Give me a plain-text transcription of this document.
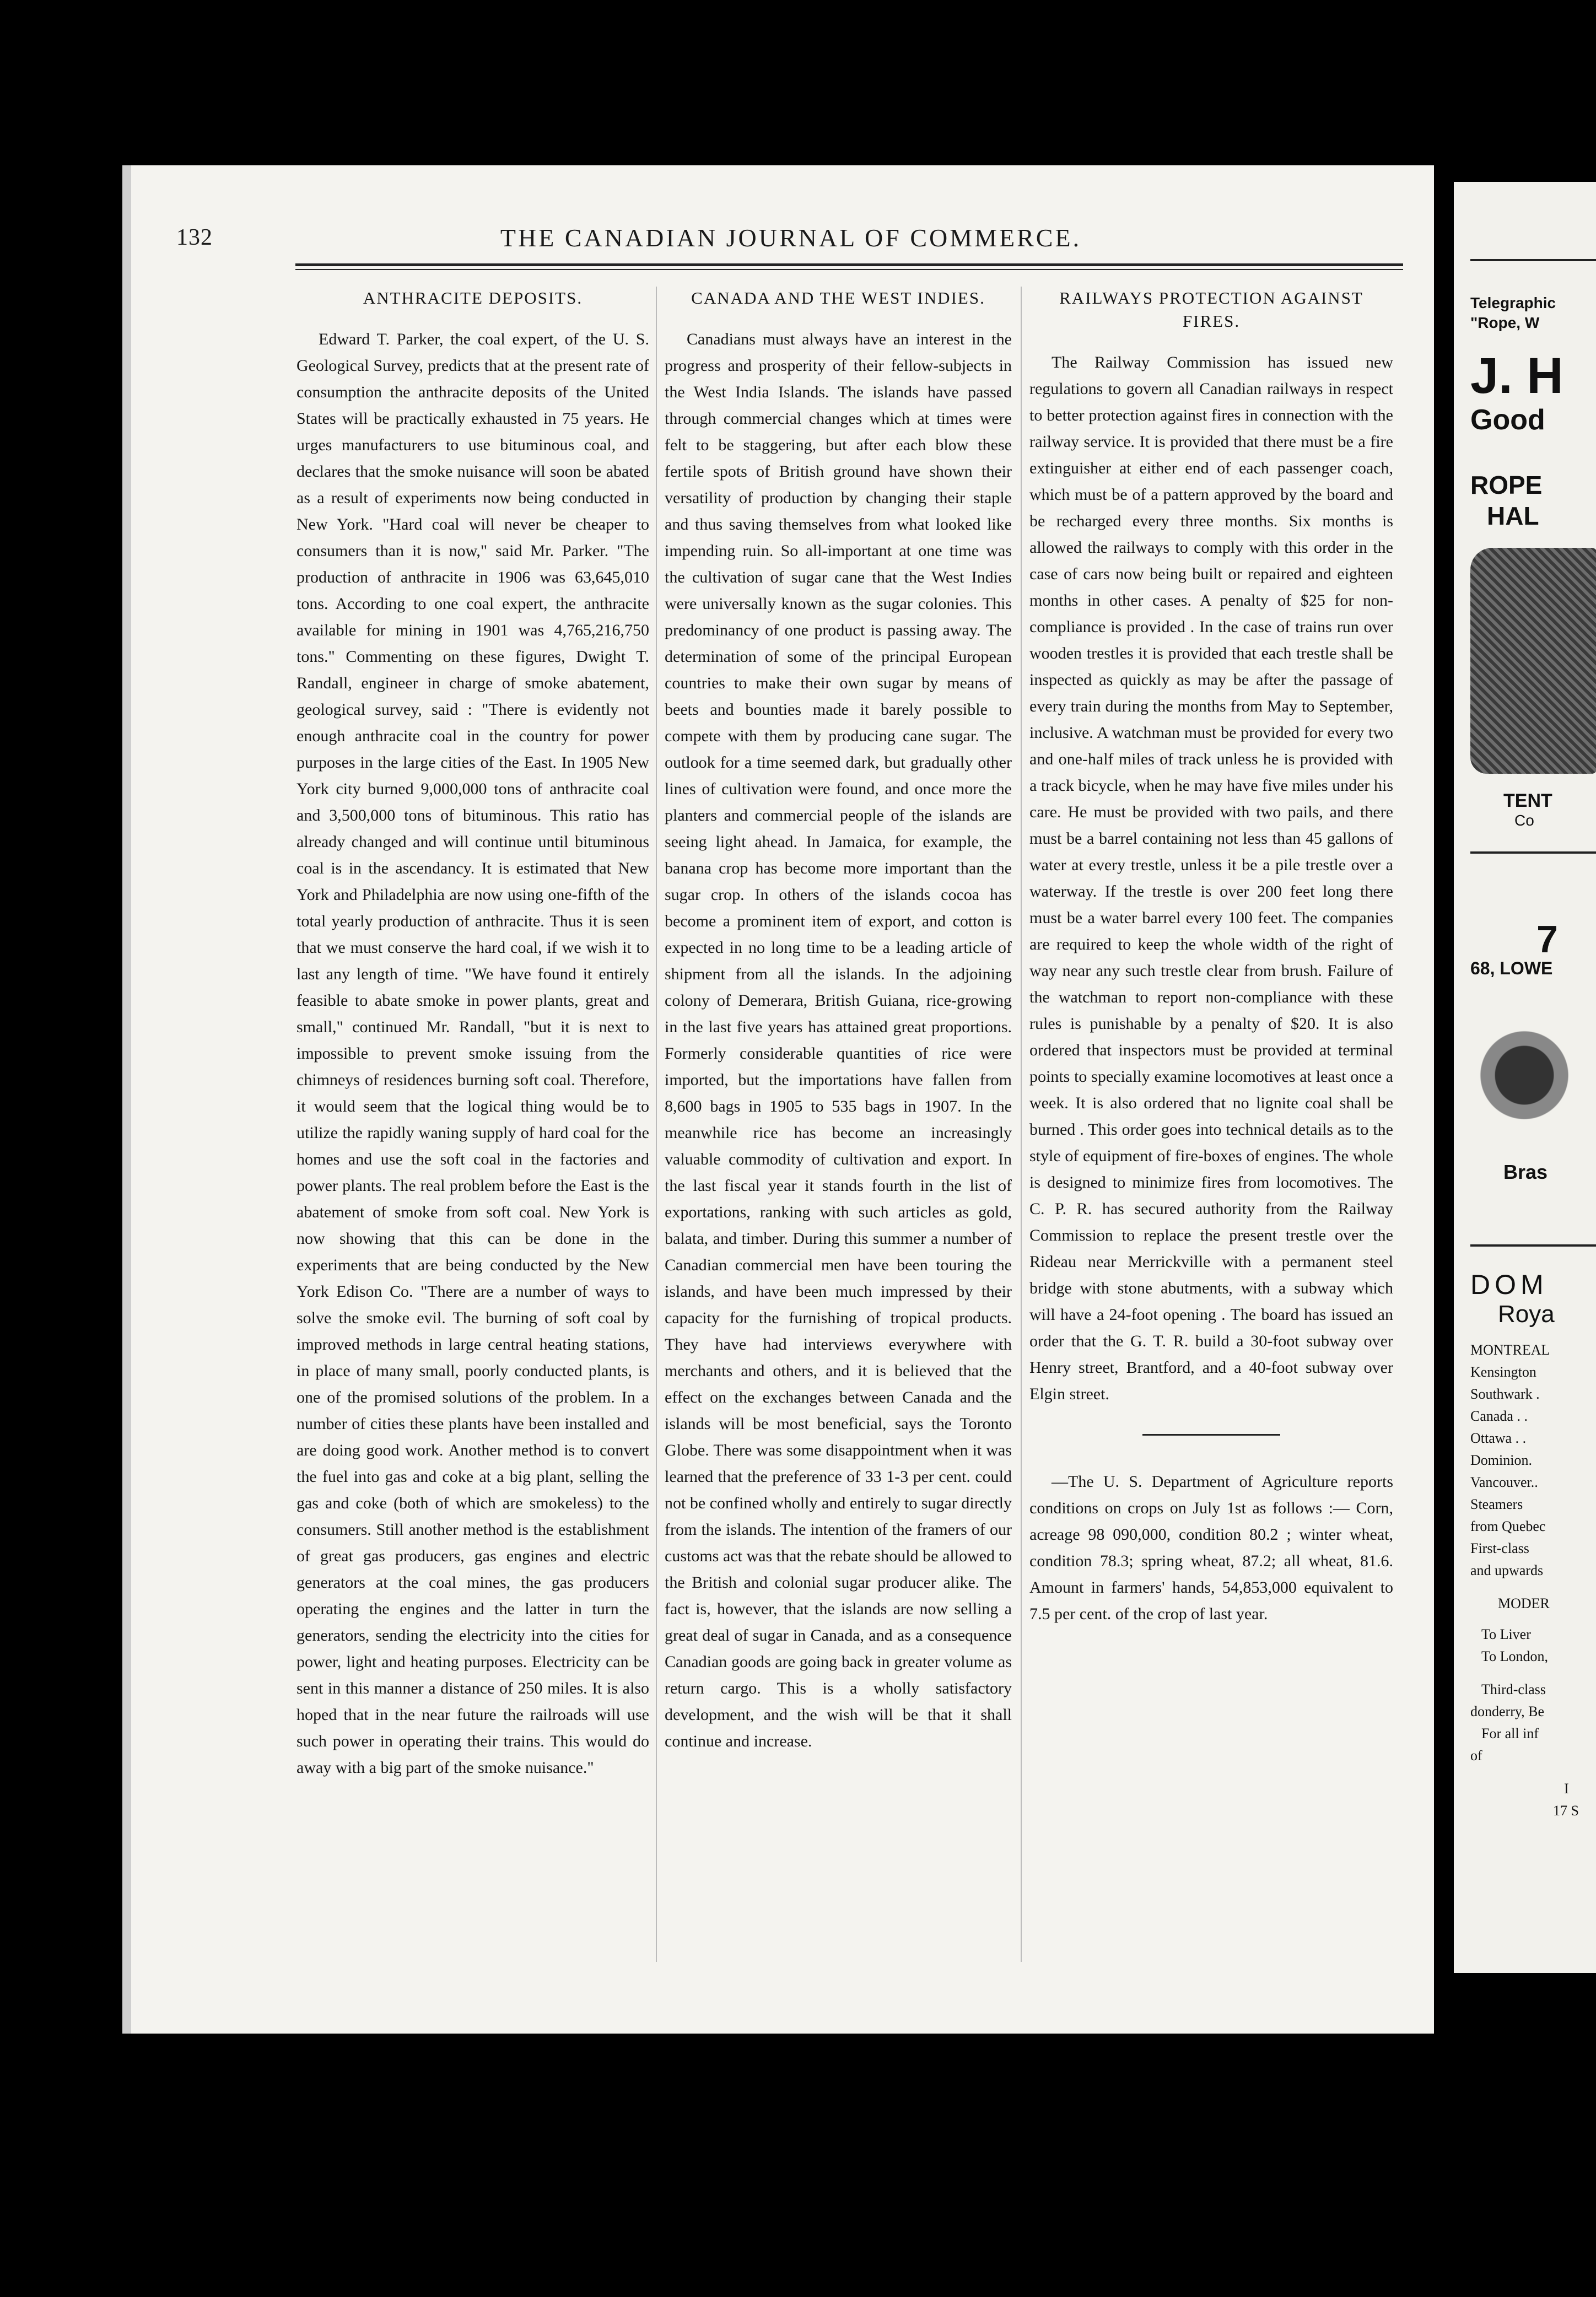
132	THE CANADIAN JOURNAL OF COMMERCE.
ANTHRACITE DEPOSITS.

Edward T. Parker, the coal expert, of the U. S. Geological Survey, predicts that at the present rate of consumption the anthracite deposits of the United States will be practically exhausted in 75 years. He urges manufacturers to use bituminous coal, and declares that the smoke nuisance will soon be abated as a result of experiments now being conducted in New York. "Hard coal will never be cheaper to consumers than it is now," said Mr. Parker. "The production of anthracite in 1906 was 63,645,010 tons. According to one coal expert, the anthracite available for mining in 1901 was 4,765,216,750 tons." Commenting on these figures, Dwight T. Randall, engineer in charge of smoke abatement, geological survey, said : "There is evidently not enough anthracite coal in the country for power purposes in the large cities of the East. In 1905 New York city burned 9,000,000 tons of anthracite coal and 3,500,000 tons of bituminous. This ratio has already changed and will continue until bituminous coal is in the ascendancy. It is estimated that New York and Philadelphia are now using one-fifth of the total yearly production of anthracite. Thus it is seen that we must conserve the hard coal, if we wish it to last any length of time. "We have found it entirely feasible to abate smoke in power plants, great and small," continued Mr. Randall, "but it is next to impossible to prevent smoke issuing from the chimneys of residences burning soft coal. Therefore, it would seem that the logical thing would be to utilize the rapidly waning supply of hard coal for the homes and use the soft coal in the factories and power plants. The real problem before the East is the abatement of smoke from soft coal. New York is now showing that this can be done in the experiments that are being conducted by the New York Edison Co. "There are a number of ways to solve the smoke evil. The burning of soft coal by improved methods in large central heating stations, in place of many small, poorly conducted plants, is one of the promised solutions of the problem. In a number of cities these plants have been installed and are doing good work. Another method is to convert the fuel into gas and coke at a big plant, selling the gas and coke (both of which are smokeless) to the consumers. Still another method is the establishment of great gas producers, gas engines and electric generators at the coal mines, the gas producers operating the engines and the latter in turn the generators, sending the electricity into the cities for power, light and heating purposes. Electricity can be sent in this manner a distance of 250 miles. It is also hoped that in the near future the railroads will use such power in operating their trains. This would do away with a big part of the smoke nuisance."

CANADA AND THE WEST INDIES.

Canadians must always have an interest in the progress and prosperity of their fellow-subjects in the West India Islands. The islands have passed through commercial changes which at times were felt to be staggering, but after each blow these fertile spots of British ground have shown their versatility of production by changing their staple and thus saving themselves from what looked like impending ruin. So all-important at one time was the cultivation of sugar cane that the West Indies were universally known as the sugar colonies. This predominancy of one product is passing away. The determination of some of the principal European countries to make their own sugar by means of beets and bounties made it barely possible to compete with them by producing cane sugar. The outlook for a time seemed dark, but gradually other lines of cultivation were found, and once more the planters and commercial people of the islands are seeing light ahead. In Jamaica, for example, the banana crop has become more important than the sugar crop. In others of the islands cocoa has become a prominent item of export, and cotton is expected in no long time to be a leading article of shipment from all the islands. In the adjoining colony of Demerara, British Guiana, rice-growing in the last five years has attained great proportions. Formerly considerable quantities of rice were imported, but the importations have fallen from 8,600 bags in 1905 to 535 bags in 1907. In the meanwhile rice has become an increasingly valuable commodity of cultivation and export. In the last fiscal year it stands fourth in the list of exportations, ranking with such articles as gold, balata, and timber. During this summer a number of Canadian commercial men have been touring the islands, and have been much impressed by their capacity for the furnishing of tropical products. They have had interviews everywhere with merchants and others, and it is believed that the effect on the exchanges between Canada and the islands will be most beneficial, says the Toronto Globe. There was some disappointment when it was learned that the preference of 33 1-3 per cent. could not be confined wholly and entirely to sugar directly from the islands. The intention of the framers of our customs act was that the rebate should be allowed to the British and colonial sugar producer alike. The fact is, however, that the islands are now selling a great deal of sugar in Canada, and as a consequence Canadian goods are going back in greater volume as return cargo. This is a wholly satisfactory development, and the wish will be that it shall continue and increase.

RAILWAYS PROTECTION AGAINST FIRES.

The Railway Commission has issued new regulations to govern all Canadian railways in respect to better protection against fires in connection with the railway service. It is provided that there must be a fire extinguisher at either end of each passenger coach, which must be of a pattern approved by the board and be recharged every three months. Six months is allowed the railways to comply with this order in the case of cars now being built or repaired and eighteen months in other cases. A penalty of $25 for non-compliance is provided . In the case of trains run over wooden trestles it is provided that each trestle shall be inspected as quickly as may be after the passage of every train during the months from May to September, inclusive. A watchman must be provided for every two and one-half miles of track unless he is provided with a track bicycle, when he may have five miles under his care. He must be provided with two pails, and there must be a barrel containing not less than 45 gallons of water at every trestle, unless it be a pile trestle over a waterway. If the trestle is over 200 feet long there must be a water barrel every 100 feet. The companies are required to keep the whole width of the right of way near any such trestle clear from brush. Failure of the watchman to report non-compliance with these rules is punishable by a penalty of $20. It is also ordered that inspectors must be provided at terminal points to specially examine locomotives at least once a week. It is also ordered that no lignite coal shall be burned . This order goes into technical details as to the style of equipment of fire-boxes of engines. The whole is designed to minimize fires from locomotives. The C. P. R. has secured authority from the Railway Commission to replace the present trestle over the Rideau near Merrickville with a permanent steel bridge with stone abutments, with a subway which will have a 24-foot opening . The board has issued an order that the G. T. R. build a 30-foot subway over Henry street, Brantford, and a 40-foot subway over Elgin street.

—The U. S. Department of Agriculture reports conditions on crops on July 1st as follows :— Corn, acreage 98 090,000, condition 80.2 ; winter wheat, condition 78.3; spring wheat, 87.2; all wheat, 81.6. Amount in farmers' hands, 54,853,000 equivalent to 7.5 per cent. of the crop of last year.

Telegraphic
"Rope, W
J. H
Good
ROPE
HAL
TENT
Co
7
68, LOWE
Bras
DOM
Roya
MONTREAL
Kensington
Southwark .
Canada . .
Ottawa . .
Dominion.
Vancouver..
Steamers
from Quebec
First-class
and upwards
MODER
To Liver
To London,
Third-class
donderry, Be
For all inf
of
I
17 S
